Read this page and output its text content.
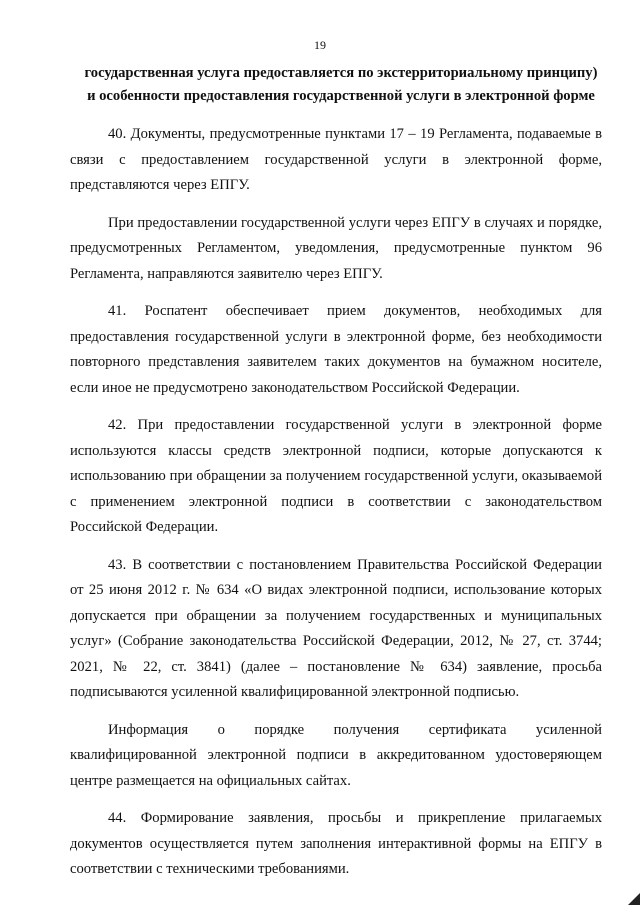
19
государственная услуга предоставляется по экстерриториальному принципу)
и особенности предоставления государственной услуги в электронной форме

40. Документы, предусмотренные пунктами 17 – 19 Регламента, подаваемые в связи с предоставлением государственной услуги в электронной форме, представляются через ЕПГУ.

При предоставлении государственной услуги через ЕПГУ в случаях и порядке, предусмотренных Регламентом, уведомления, предусмотренные пунктом 96 Регламента, направляются заявителю через ЕПГУ.

41. Роспатент обеспечивает прием документов, необходимых для предоставления государственной услуги в электронной форме, без необходимости повторного представления заявителем таких документов на бумажном носителе, если иное не предусмотрено законодательством Российской Федерации.

42. При предоставлении государственной услуги в электронной форме используются классы средств электронной подписи, которые допускаются к использованию при обращении за получением государственной услуги, оказываемой с применением электронной подписи в соответствии с законодательством Российской Федерации.

43. В соответствии с постановлением Правительства Российской Федерации от 25 июня 2012 г. № 634 «О видах электронной подписи, использование которых допускается при обращении за получением государственных и муниципальных услуг» (Собрание законодательства Российской Федерации, 2012, № 27, ст. 3744; 2021, № 22, ст. 3841) (далее – постановление № 634) заявление, просьба подписываются усиленной квалифицированной электронной подписью.

Информация о порядке получения сертификата усиленной квалифицированной электронной подписи в аккредитованном удостоверяющем центре размещается на официальных сайтах.

44. Формирование заявления, просьбы и прикрепление прилагаемых документов осуществляется путем заполнения интерактивной формы на ЕПГУ в соответствии с техническими требованиями.
